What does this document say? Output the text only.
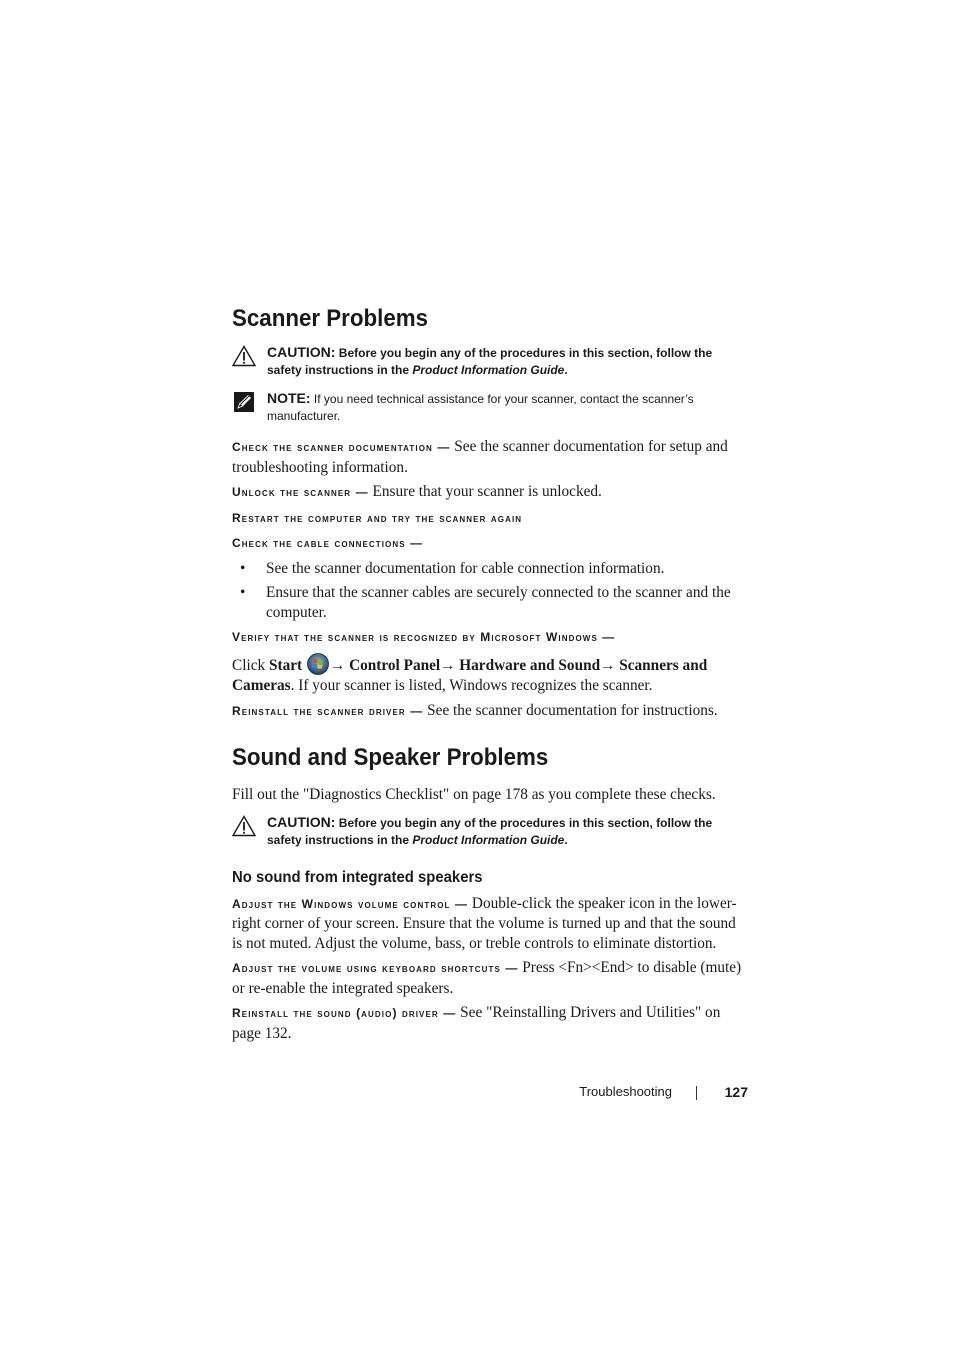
Scanner Problems
CAUTION: Before you begin any of the procedures in this section, follow the safety instructions in the Product Information Guide.
NOTE: If you need technical assistance for your scanner, contact the scanner’s manufacturer.

Check the scanner documentation — See the scanner documentation for setup and troubleshooting information.

Unlock the scanner — Ensure that your scanner is unlocked.

Restart the computer and try the scanner again

Check the cable connections —

• See the scanner documentation for cable connection information.
• Ensure that the scanner cables are securely connected to the scanner and the computer.

Verify that the scanner is recognized by Microsoft Windows —

Click Start → Control Panel→ Hardware and Sound→ Scanners and Cameras. If your scanner is listed, Windows recognizes the scanner.

Reinstall the scanner driver — See the scanner documentation for instructions.

Sound and Speaker Problems

Fill out the "Diagnostics Checklist" on page 178 as you complete these checks.

CAUTION: Before you begin any of the procedures in this section, follow the safety instructions in the Product Information Guide.
No sound from integrated speakers

Adjust the Windows volume control — Double-click the speaker icon in the lower-right corner of your screen. Ensure that the volume is turned up and that the sound is not muted. Adjust the volume, bass, or treble controls to eliminate distortion.

Adjust the volume using keyboard shortcuts — Press <Fn><End> to disable (mute) or re-enable the integrated speakers.

Reinstall the sound (audio) driver — See "Reinstalling Drivers and Utilities" on page 132.

Troubleshooting	127
